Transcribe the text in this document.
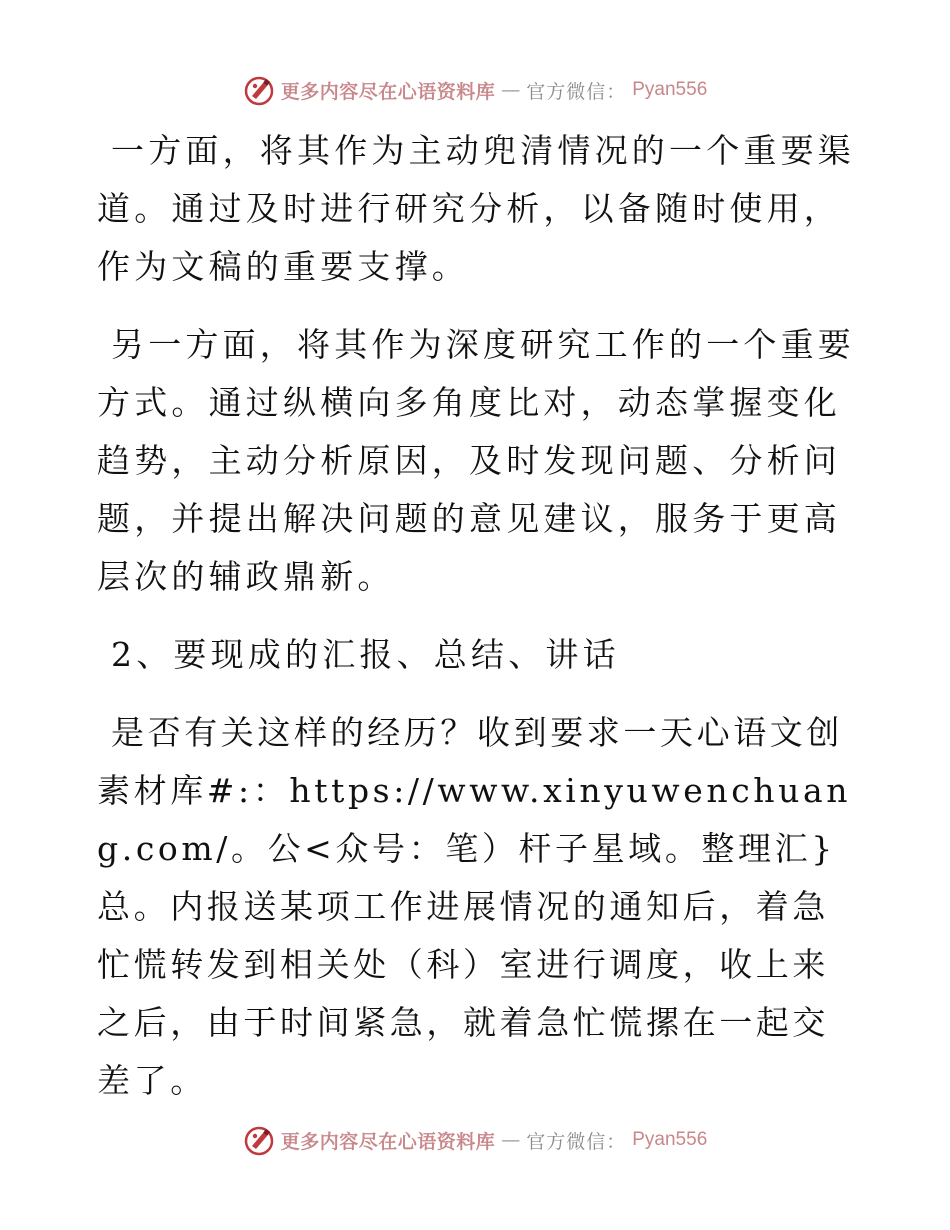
更多内容尽在心语资料库 — 官方微信： Pyan556

一方面，将其作为主动兜清情况的一个重要渠道。通过及时进行研究分析，以备随时使用，作为文稿的重要支撑。

另一方面，将其作为深度研究工作的一个重要方式。通过纵横向多角度比对，动态掌握变化趋势，主动分析原因，及时发现问题、分析问题，并提出解决问题的意见建议，服务于更高层次的辅政鼎新。

2、要现成的汇报、总结、讲话

是否有关这样的经历？收到要求一天心语文创素材库#:：https://www.xinyuwenchuang.com/。公<众号：笔）杆子星域。整理汇}总。内报送某项工作进展情况的通知后，着急忙慌转发到相关处（科）室进行调度，收上来之后，由于时间紧急，就着急忙慌摞在一起交差了。

更多内容尽在心语资料库 — 官方微信： Pyan556
